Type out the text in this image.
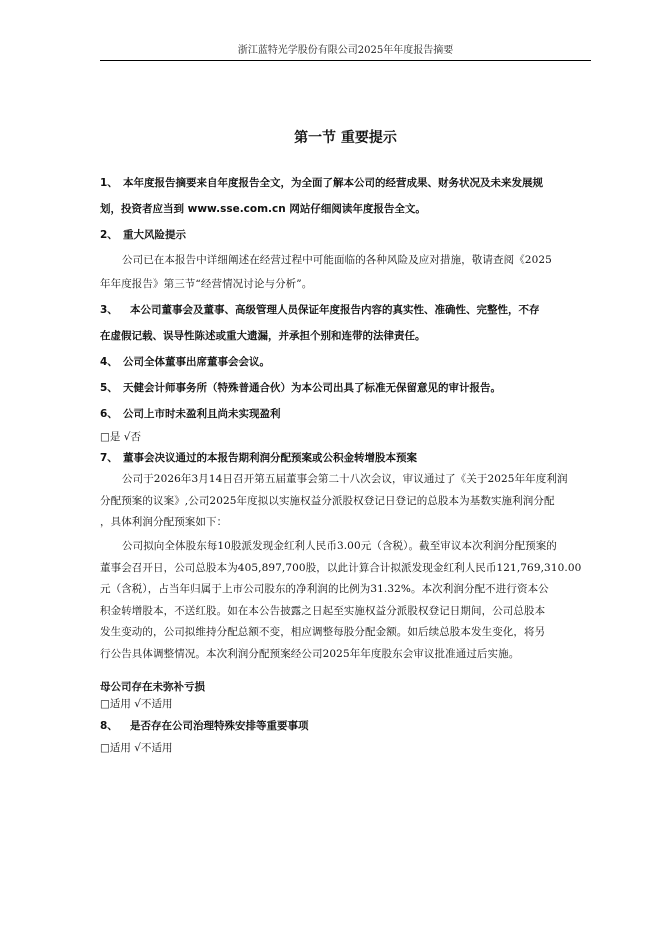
浙江蓝特光学股份有限公司2025年年度报告摘要
第一节 重要提示
1、 本年度报告摘要来自年度报告全文，为全面了解本公司的经营成果、财务状况及未来发展规
划，投资者应当到 www.sse.com.cn 网站仔细阅读年度报告全文。
2、 重大风险提示
公司已在本报告中详细阐述在经营过程中可能面临的各种风险及应对措施，敬请查阅《2025
年年度报告》第三节“经营情况讨论与分析”。
3、 本公司董事会及董事、高级管理人员保证年度报告内容的真实性、准确性、完整性，不存
在虚假记载、误导性陈述或重大遗漏，并承担个别和连带的法律责任。
4、 公司全体董事出席董事会会议。
5、 天健会计师事务所（特殊普通合伙）为本公司出具了标准无保留意见的审计报告。
6、 公司上市时未盈利且尚未实现盈利
□是 √否
7、 董事会决议通过的本报告期利润分配预案或公积金转增股本预案
公司于2026年3月14日召开第五届董事会第二十八次会议，审议通过了《关于2025年年度利润
分配预案的议案》,公司2025年度拟以实施权益分派股权登记日登记的总股本为基数实施利润分配
，具体利润分配预案如下：
公司拟向全体股东每10股派发现金红利人民币3.00元（含税）。截至审议本次利润分配预案的
董事会召开日，公司总股本为405,897,700股，以此计算合计拟派发现金红利人民币121,769,310.00
元（含税），占当年归属于上市公司股东的净利润的比例为31.32%。本次利润分配不进行资本公
积金转增股本，不送红股。如在本公告披露之日起至实施权益分派股权登记日期间，公司总股本
发生变动的，公司拟维持分配总额不变，相应调整每股分配金额。如后续总股本发生变化，将另
行公告具体调整情况。本次利润分配预案经公司2025年年度股东会审议批准通过后实施。
母公司存在未弥补亏损
□适用 √不适用
8、 是否存在公司治理特殊安排等重要事项
□适用 √不适用
